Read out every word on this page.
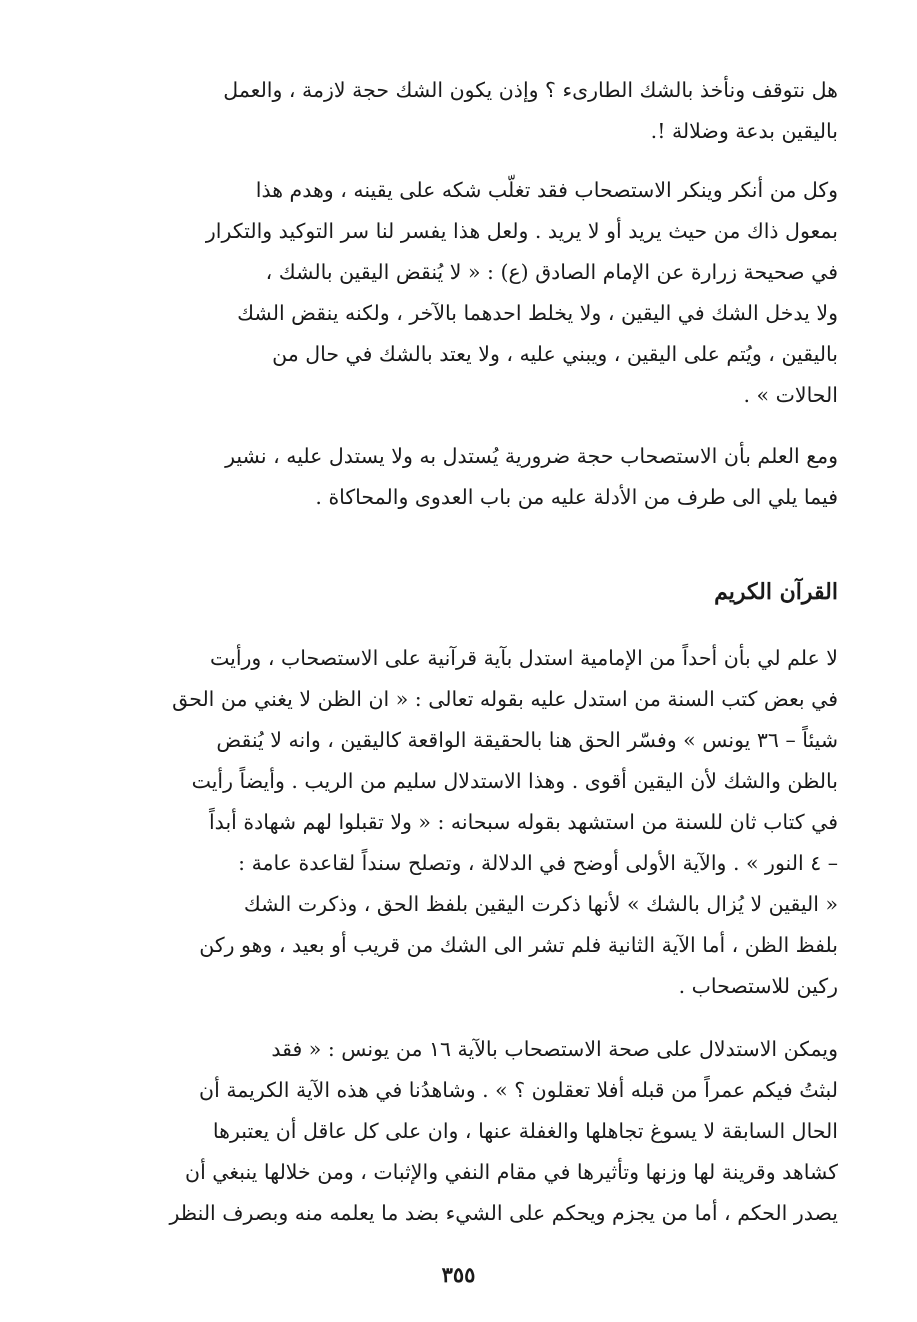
هل نتوقف ونأخذ بالشك الطارىء ؟ وإذن يكون الشك حجة لازمة ، والعمل
باليقين بدعة وضلالة !.

وكل من أنكر وينكر الاستصحاب فقد تغلّب شكه على يقينه ، وهدم هذا
بمعول ذاك من حيث يريد أو لا يريد . ولعل هذا يفسر لنا سر التوكيد والتكرار
في صحيحة زرارة عن الإمام الصادق (ع) : « لا يُنقض اليقين بالشك ،
ولا يدخل الشك في اليقين ، ولا يخلط احدهما بالآخر ، ولكنه ينقض الشك
باليقين ، ويُتم على اليقين ، ويبني عليه ، ولا يعتد بالشك في حال من
الحالات » .

ومع العلم بأن الاستصحاب حجة ضرورية يُستدل به ولا يستدل عليه ، نشير
فيما يلي الى طرف من الأدلة عليه من باب العدوى والمحاكاة .

القرآن الكريم

لا علم لي بأن أحداً من الإمامية استدل بآية قرآنية على الاستصحاب ، ورأيت
في بعض كتب السنة من استدل عليه بقوله تعالى : « ان الظن لا يغني من الحق
شيئاً – ٣٦ يونس » وفسّر الحق هنا بالحقيقة الواقعة كاليقين ، وانه لا يُنقض
بالظن والشك لأن اليقين أقوى . وهذا الاستدلال سليم من الريب . وأيضاً رأيت
في كتاب ثان للسنة من استشهد بقوله سبحانه : « ولا تقبلوا لهم شهادة أبداً
– ٤ النور » . والآية الأولى أوضح في الدلالة ، وتصلح سنداً لقاعدة عامة :
« اليقين لا يُزال بالشك » لأنها ذكرت اليقين بلفظ الحق ، وذكرت الشك
بلفظ الظن ، أما الآية الثانية فلم تشر الى الشك من قريب أو بعيد ، وهو ركن
ركين للاستصحاب .

ويمكن الاستدلال على صحة الاستصحاب بالآية ١٦ من يونس : « فقد
لبثتُ فيكم عمراً من قبله أفلا تعقلون ؟ » . وشاهدُنا في هذه الآية الكريمة أن
الحال السابقة لا يسوغ تجاهلها والغفلة عنها ، وان على كل عاقل أن يعتبرها
كشاهد وقرينة لها وزنها وتأثيرها في مقام النفي والإثبات ، ومن خلالها ينبغي أن
يصدر الحكم ، أما من يجزم ويحكم على الشيء بضد ما يعلمه منه وبصرف النظر

٣٥٥
